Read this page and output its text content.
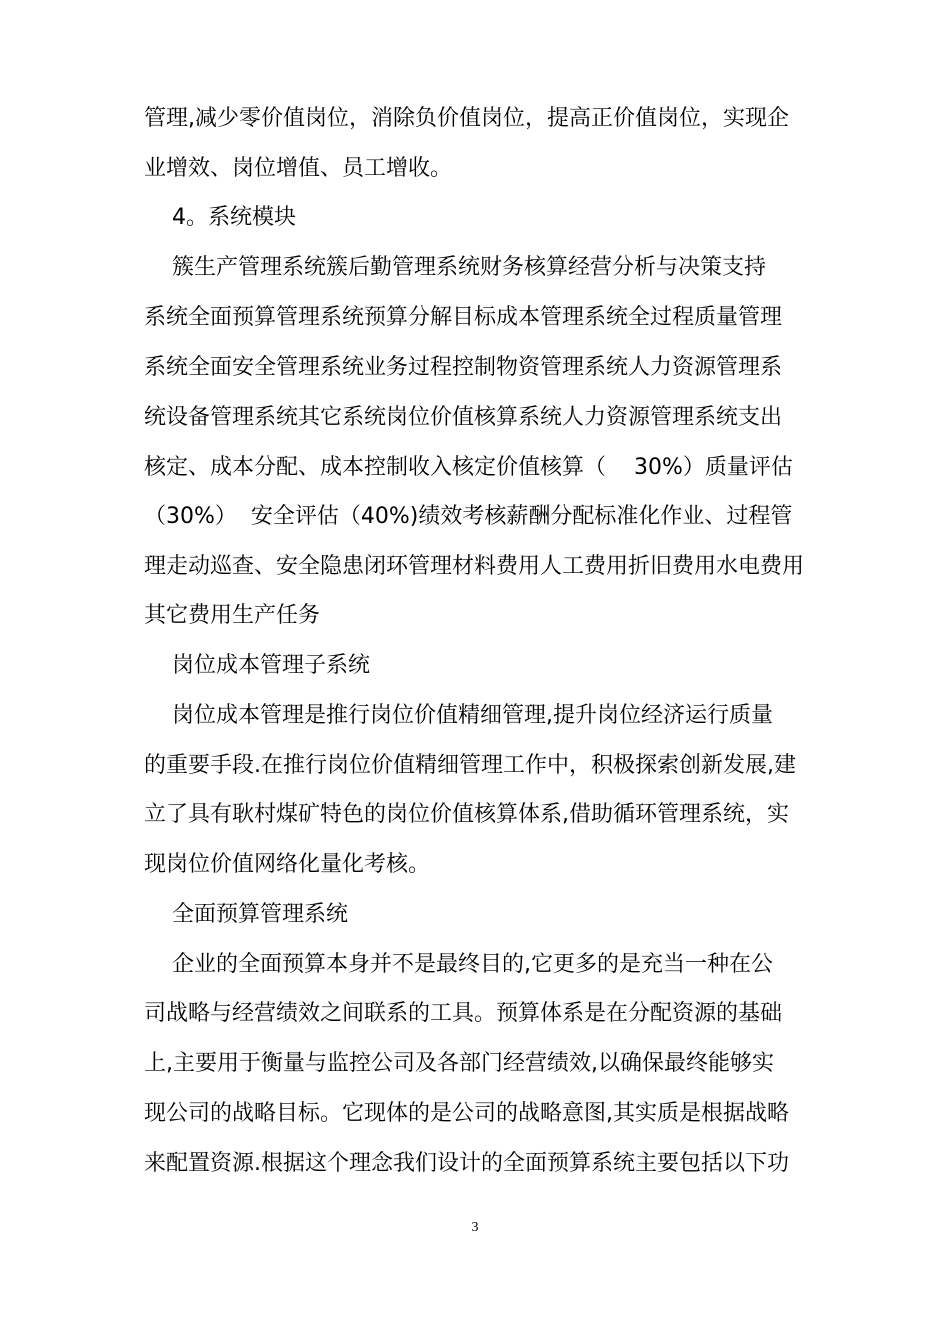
管理,减少零价值岗位，消除负价值岗位，提高正价值岗位，实现企
业增效、岗位增值、员工增收。
4。系统模块
簇生产管理系统簇后勤管理系统财务核算经营分析与决策支持
系统全面预算管理系统预算分解目标成本管理系统全过程质量管理
系统全面安全管理系统业务过程控制物资管理系统人力资源管理系
统设备管理系统其它系统岗位价值核算系统人力资源管理系统支出
核定、成本分配、成本控制收入核定价值核算（    30%）质量评估
（30%）  安全评估（40%)绩效考核薪酬分配标准化作业、过程管
理走动巡查、安全隐患闭环管理材料费用人工费用折旧费用水电费用
其它费用生产任务
岗位成本管理子系统
岗位成本管理是推行岗位价值精细管理,提升岗位经济运行质量
的重要手段.在推行岗位价值精细管理工作中，积极探索创新发展,建
立了具有耿村煤矿特色的岗位价值核算体系,借助循环管理系统，实
现岗位价值网络化量化考核。
全面预算管理系统
企业的全面预算本身并不是最终目的,它更多的是充当一种在公
司战略与经营绩效之间联系的工具。预算体系是在分配资源的基础
上,主要用于衡量与监控公司及各部门经营绩效,以确保最终能够实
现公司的战略目标。它现体的是公司的战略意图,其实质是根据战略
来配置资源.根据这个理念我们设计的全面预算系统主要包括以下功
3
